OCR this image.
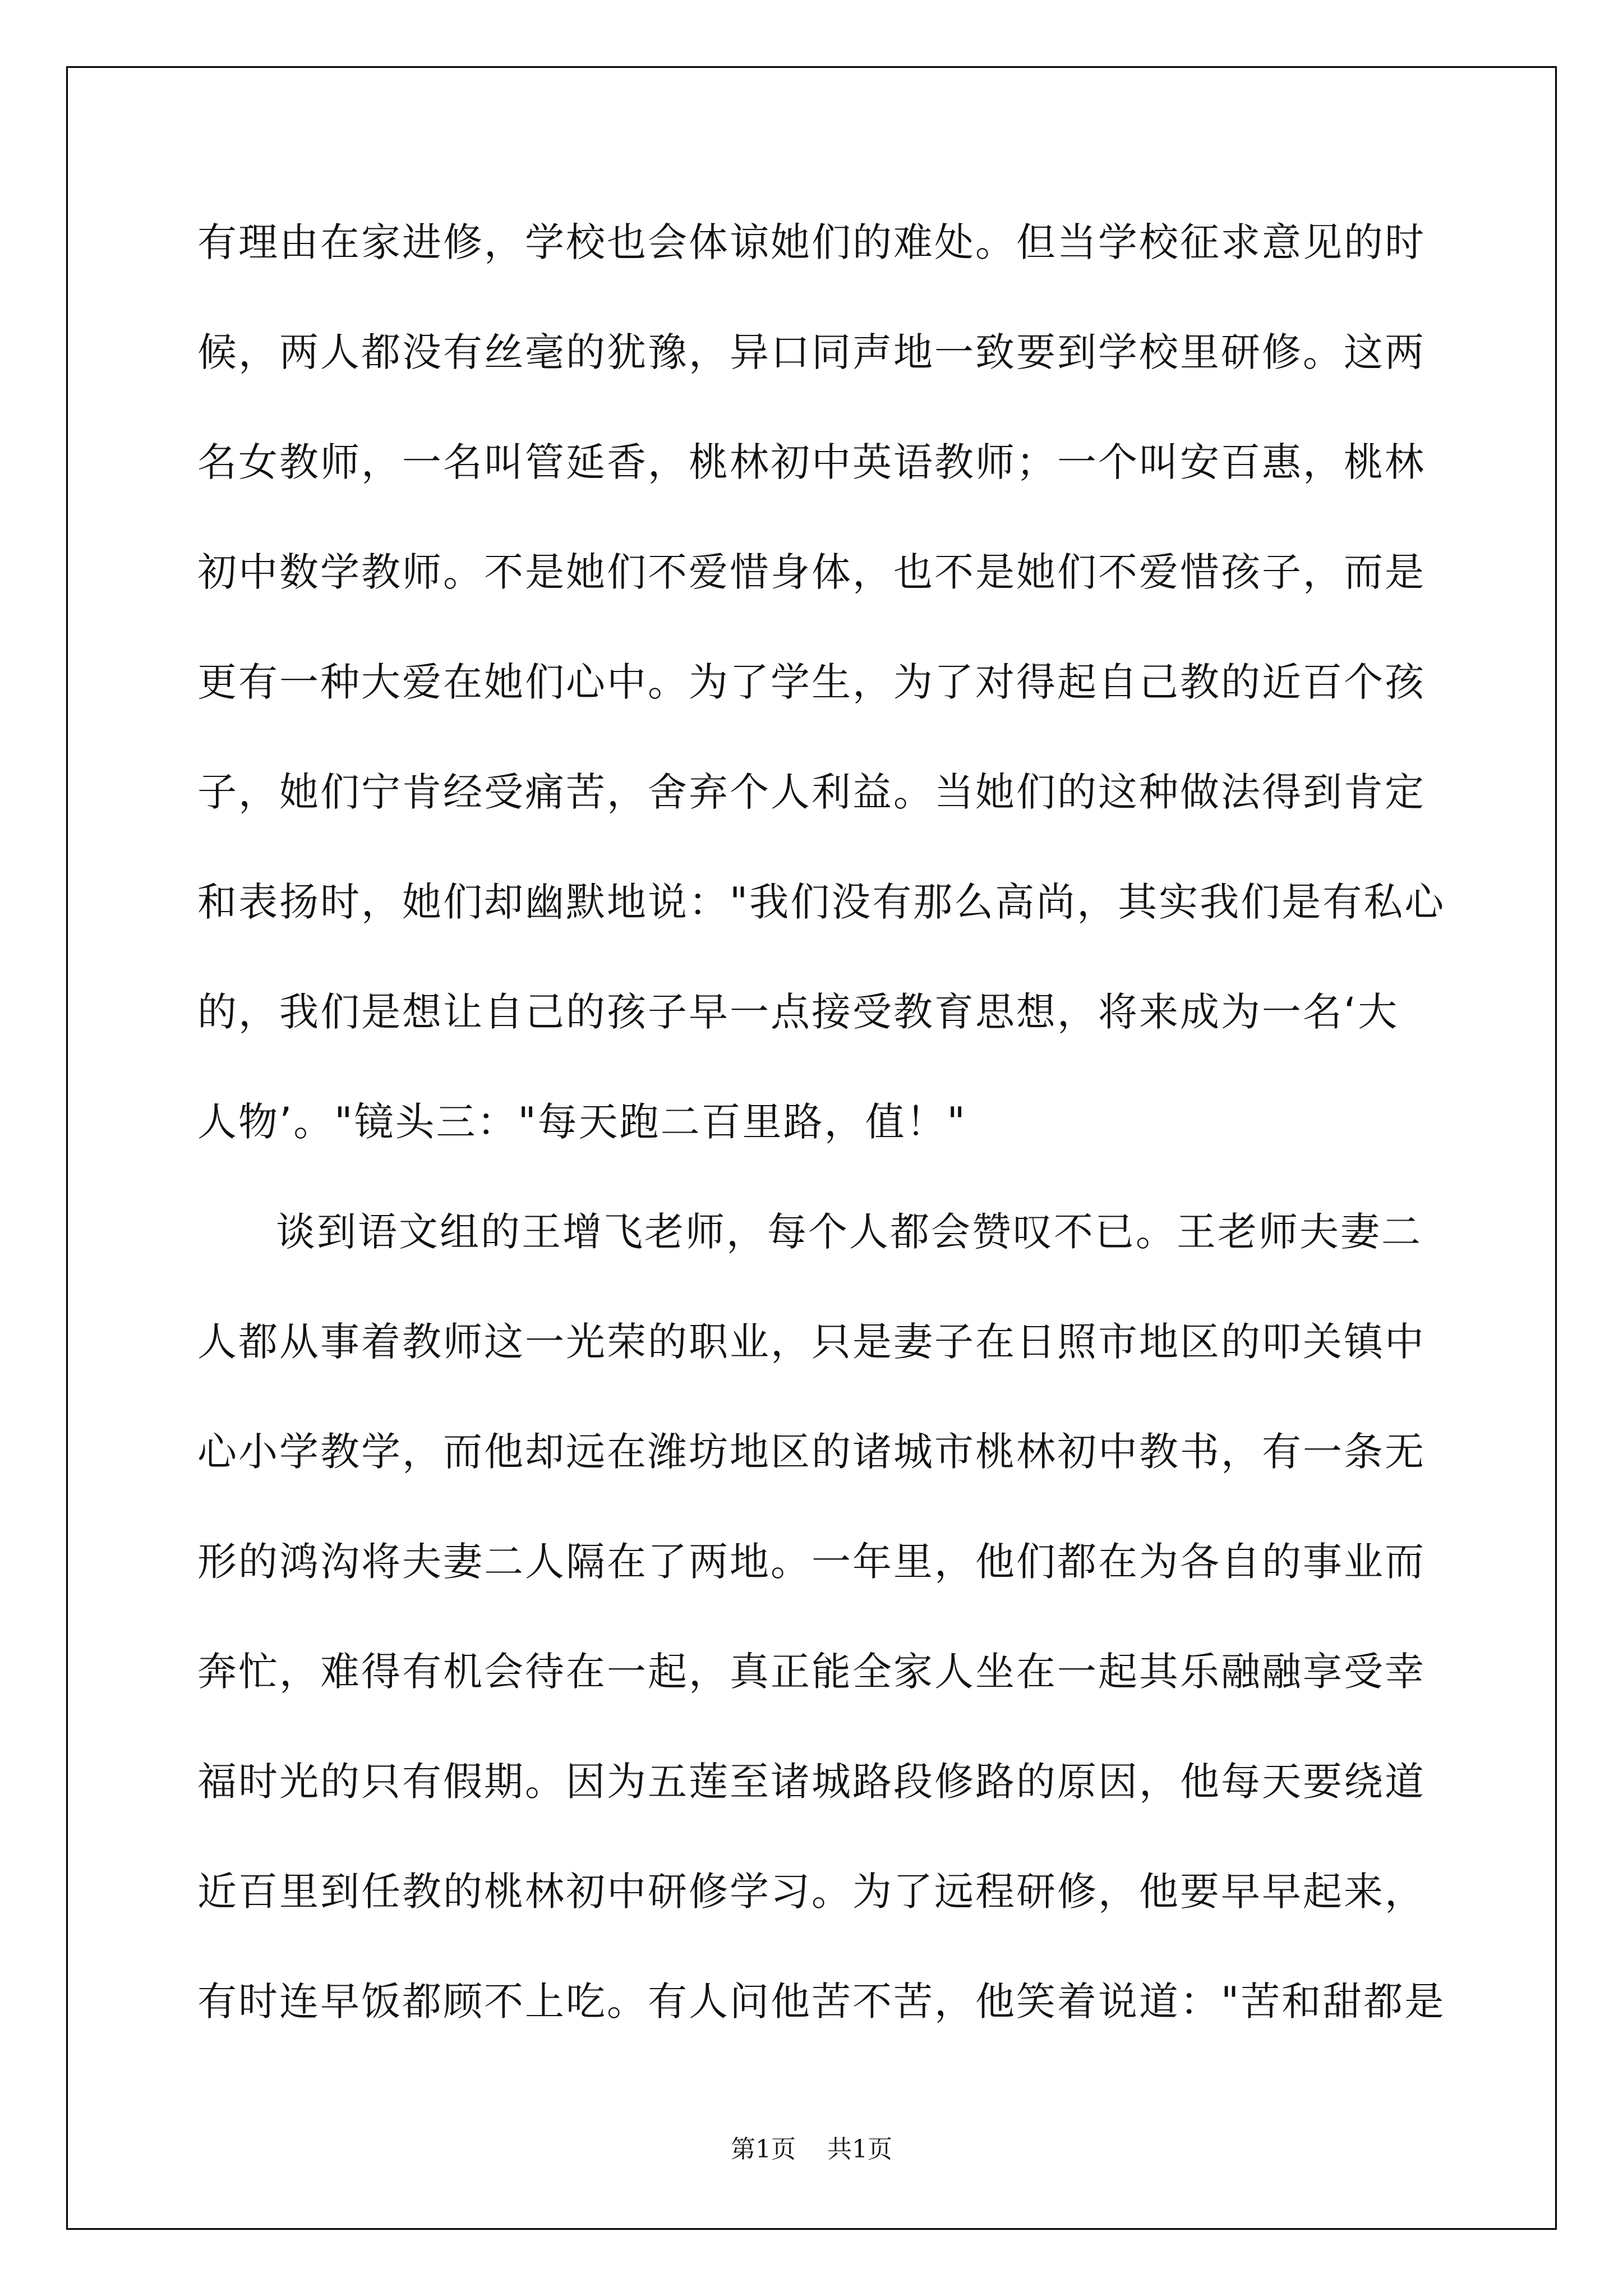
有理由在家进修，学校也会体谅她们的难处。但当学校征求意见的时
候，两人都没有丝毫的犹豫，异口同声地一致要到学校里研修。这两
名女教师，一名叫管延香，桃林初中英语教师；一个叫安百惠，桃林
初中数学教师。不是她们不爱惜身体，也不是她们不爱惜孩子，而是
更有一种大爱在她们心中。为了学生，为了对得起自己教的近百个孩
子，她们宁肯经受痛苦，舍弃个人利益。当她们的这种做法得到肯定
和表扬时，她们却幽默地说："我们没有那么高尚，其实我们是有私心
的，我们是想让自己的孩子早一点接受教育思想，将来成为一名‘大
人物’。"镜头三："每天跑二百里路，值！"
谈到语文组的王增飞老师，每个人都会赞叹不已。王老师夫妻二
人都从事着教师这一光荣的职业，只是妻子在日照市地区的叩关镇中
心小学教学，而他却远在潍坊地区的诸城市桃林初中教书，有一条无
形的鸿沟将夫妻二人隔在了两地。一年里，他们都在为各自的事业而
奔忙，难得有机会待在一起，真正能全家人坐在一起其乐融融享受幸
福时光的只有假期。因为五莲至诸城路段修路的原因，他每天要绕道
近百里到任教的桃林初中研修学习。为了远程研修，他要早早起来，
有时连早饭都顾不上吃。有人问他苦不苦，他笑着说道："苦和甜都是
第1页 共1页
